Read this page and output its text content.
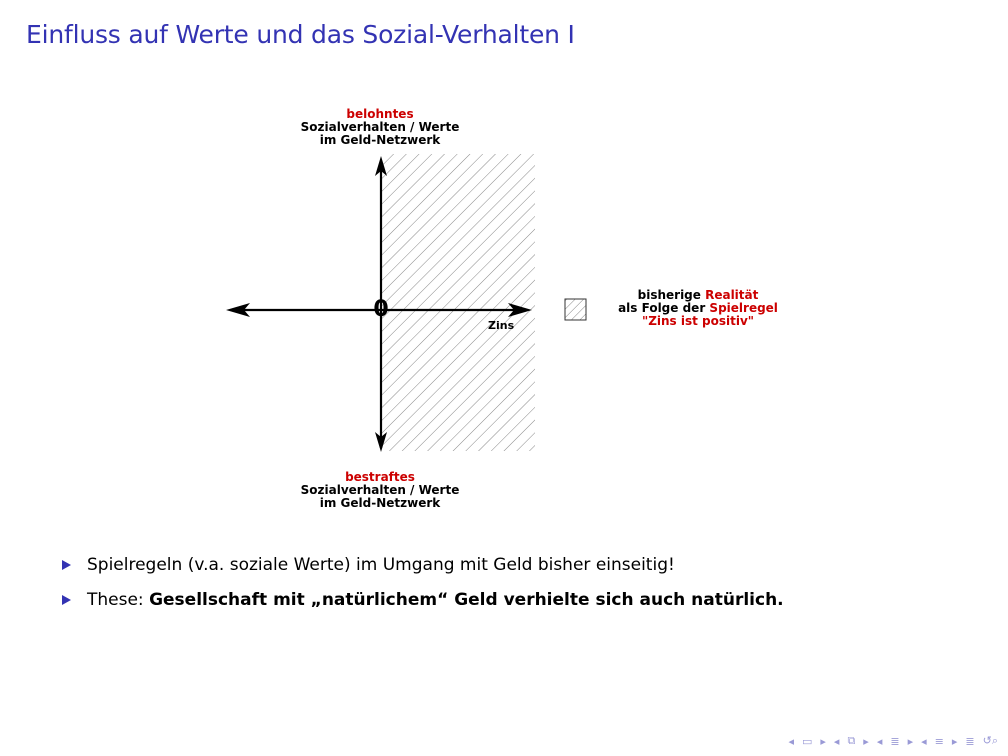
Einfluss auf Werte und das Sozial-Verhalten I
0
Zins
belohntes
Sozialverhalten / Werte
im Geld-Netzwerk
bestraftes
Sozialverhalten / Werte
im Geld-Netzwerk
bisherige Realität
als Folge der Spielregel
"Zins ist positiv"
Spielregeln (v.a. soziale Werte) im Umgang mit Geld bisher einseitig!
These: Gesellschaft mit „natürlichem“ Geld verhielte sich auch natürlich.
◂ ▭ ▸ ◂ ⧉ ▸ ◂ ≣ ▸ ◂ ≡ ▸ ≣ ↺⌕
